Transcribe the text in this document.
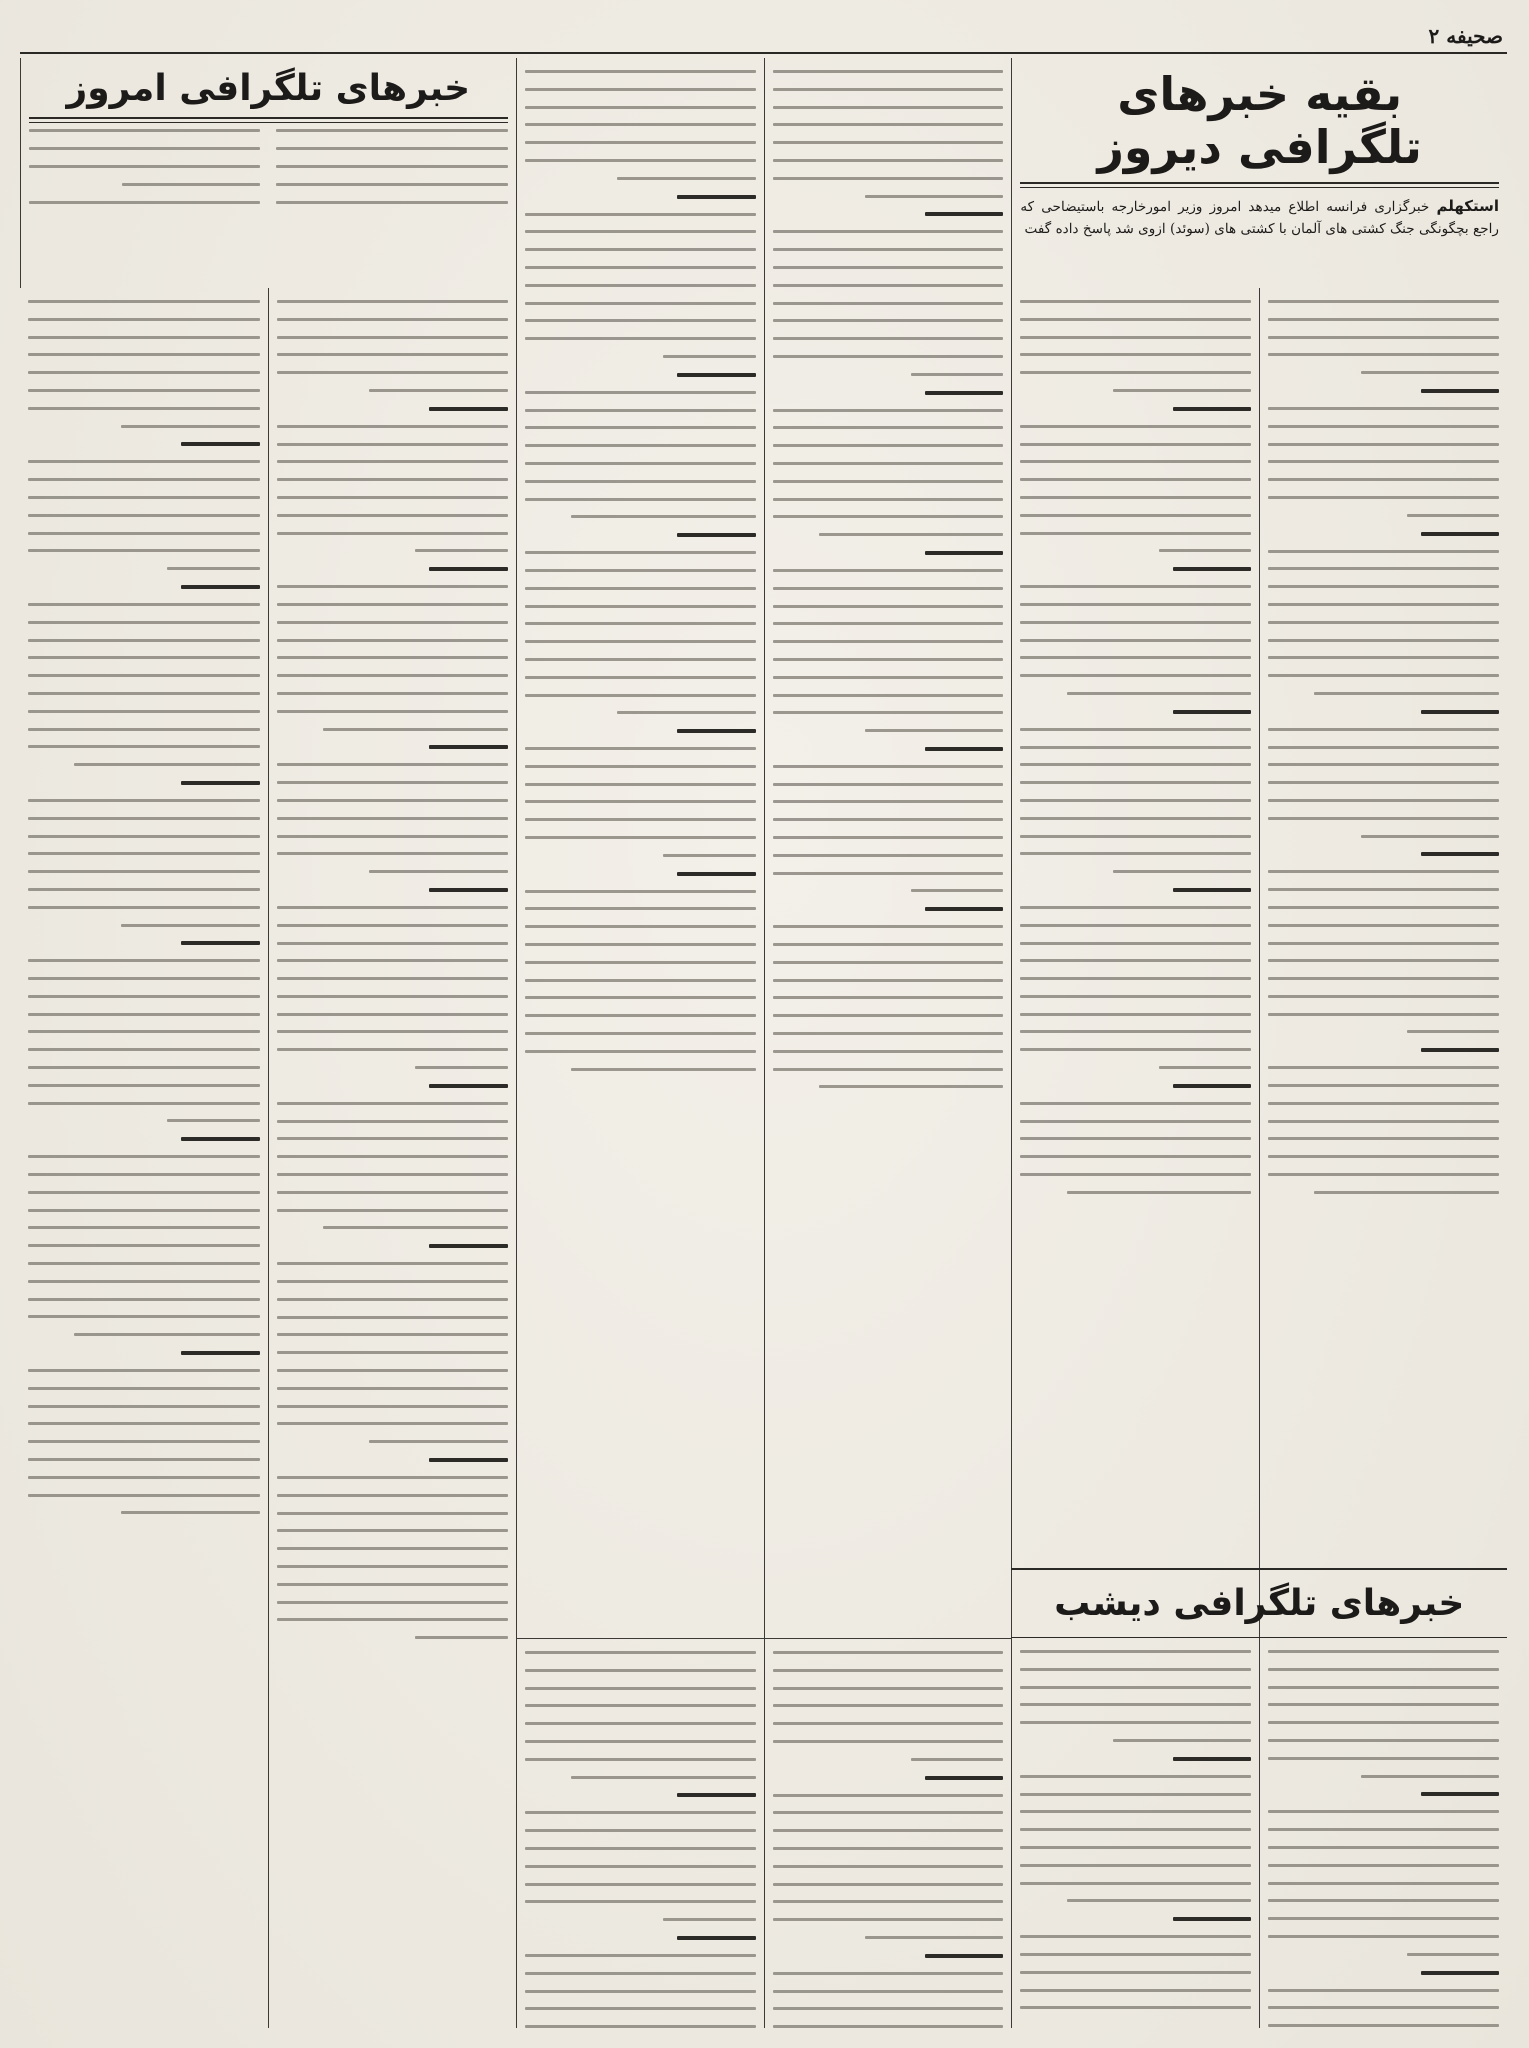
صحیفه ۲
بقیه خبرهای تلگرافی دیروز
استکهلم خبرگزاری فرانسه اطلاع میدهد امروز وزیر امورخارجه باستیضاحی که راجع بچگونگی جنگ کشتی های آلمان با کشتی های (سوئد) ازوی شد پاسخ داده گفت
خبرهای تلگرافی امروز
خبرهای تلگرافی دیشب
